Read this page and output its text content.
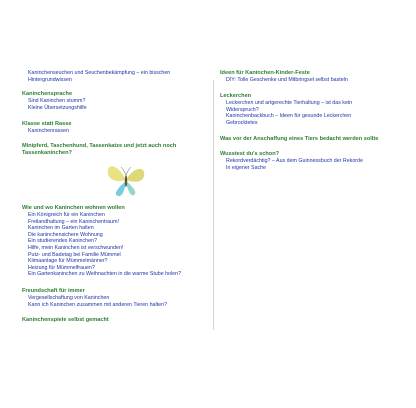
Kaninchenseuchen und Seuchenbekämpfung – ein bisschen
Hintergrundwissen
Kaninchensprache
Sind Kaninchen stumm?
Kleine Übersetzungshilfe
Klasse statt Rasse
Kaninchenrassen
Minipferd, Taschenhund, Tassenkatze und jetzt auch noch
Tassenkaninchen?
Wie und wo Kaninchen wohnen wollen
Ein Königreich für ein Kaninchen
Freilandhaltung – ein Kaninchentraum!
Kaninchen im Garten halten
Die kaninchensichere Wohnung
Ein studierendes Kaninchen?
Hilfe, mein Kaninchen ist verschwunden!
Putz- und Badetag bei Familie Mümmel
Klimaanlage für Mümmelmänner?
Heizung für Mümmelfrauen?
Ein Gartenkaninchen zu Weihnachten in die warme Stube holen?
Freundschaft für immer
Vergesellschaftung von Kaninchen
Kann ich Kaninchen zusammen mit anderen Tieren halten?
Kaninchenspiele selbst gemacht
Ideen für Kaninchen-Kinder-Feste
DIY: Tolle Geschenke und Mitbringsel selbst basteln
Leckerchen
Leckerchen und artgerechte Tierhaltung – ist das kein
Widerspruch?
Kaninchenbackbuch – Ideen für gesunde Leckerchen
Gebrocktetes
Was vor der Anschaffung eines Tiers bedacht werden sollte
Wusstest du's schon?
Rekordverdächtig? – Aus dem Guinnessbuch der Rekorde
In eigener Sache
